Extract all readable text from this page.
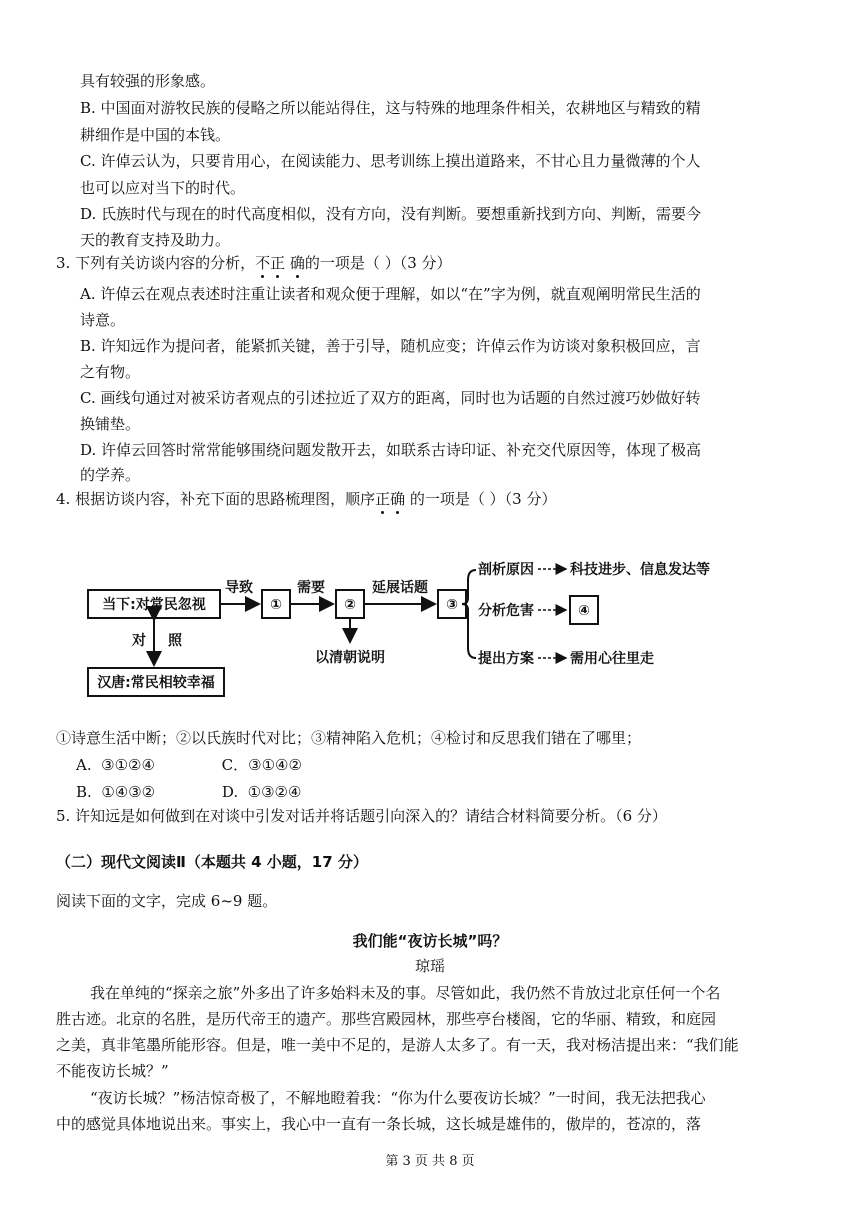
具有较强的形象感。
B. 中国面对游牧民族的侵略之所以能站得住，这与特殊的地理条件相关，农耕地区与精致的精
耕细作是中国的本钱。
C. 许倬云认为，只要肯用心，在阅读能力、思考训练上摸出道路来，不甘心且力量微薄的个人
也可以应对当下的时代。
D. 氏族时代与现在的时代高度相似，没有方向，没有判断。要想重新找到方向、判断，需要今
天的教育支持及助力。
3. 下列有关访谈内容的分析，不正 确的一项是（ ）（3 分）
A. 许倬云在观点表述时注重让读者和观众便于理解，如以“在”字为例，就直观阐明常民生活的
诗意。
B. 许知远作为提问者，能紧抓关键，善于引导，随机应变；许倬云作为访谈对象积极回应，言
之有物。
C. 画线句通过对被采访者观点的引述拉近了双方的距离，同时也为话题的自然过渡巧妙做好转
换铺垫。
D. 许倬云回答时常常能够围绕问题发散开去，如联系古诗印证、补充交代原因等，体现了极高
的学养。
4. 根据访谈内容，补充下面的思路梳理图，顺序正确 的一项是（ ）（3 分）
当下:对常民忽视
汉唐:常民相较幸福
①	②	③	④
导致	需要	延展话题
对 照
以清朝说明
剖析原因	科技进步、信息发达等
分析危害
提出方案	需用心往里走
①诗意生活中断；②以氏族时代对比；③精神陷入危机；④检讨和反思我们错在了哪里；
A.  ③①②④              C．③①④②
B.  ①④③②              D.  ①③②④
5. 许知远是如何做到在对谈中引发对话并将话题引向深入的？请结合材料简要分析。（6 分）
（二）现代文阅读Ⅱ（本题共 4 小题，17 分）
阅读下面的文字，完成 6~9 题。
我们能“夜访长城”吗？
琼瑶
我在单纯的“探亲之旅”外多出了许多始料未及的事。尽管如此，我仍然不肯放过北京任何一个名
胜古迹。北京的名胜，是历代帝王的遗产。那些宫殿园林，那些亭台楼阁，它的华丽、精致，和庭园
之美，真非笔墨所能形容。但是，唯一美中不足的，是游人太多了。有一天，我对杨洁提出来：“我们能
不能夜访长城？”
“夜访长城？”杨洁惊奇极了，不解地瞪着我：“你为什么要夜访长城？”一时间，我无法把我心
中的感觉具体地说出来。事实上，我心中一直有一条长城，这长城是雄伟的，傲岸的，苍凉的，落
第 3 页 共 8 页
